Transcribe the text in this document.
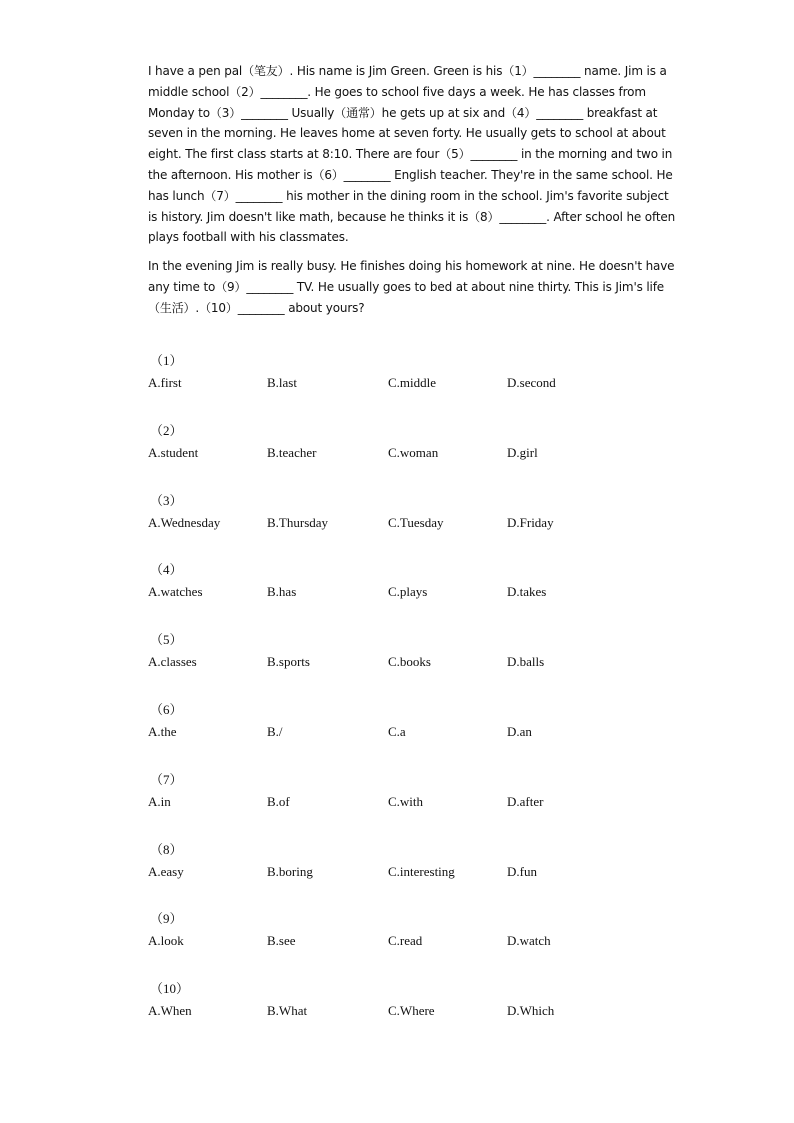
I have a pen pal（笔友）. His name is Jim Green. Green is his（1）________ name. Jim is a middle school（2）________. He goes to school five days a week. He has classes from Monday to（3）________ Usually（通常）he gets up at six and（4）________ breakfast at seven in the morning. He leaves home at seven forty. He usually gets to school at about eight. The first class starts at 8:10. There are four（5）________ in the morning and two in the afternoon. His mother is（6）________ English teacher. They're in the same school. He has lunch（7）________ his mother in the dining room in the school. Jim's favorite subject is history. Jim doesn't like math, because he thinks it is（8）________. After school he often plays football with his classmates.

In the evening Jim is really busy. He finishes doing his homework at nine. He doesn't have any time to（9）________ TV. He usually goes to bed at about nine thirty. This is Jim's life（生活）.（10）________ about yours?

（1）
A.first	B.last	C.middle	D.second
（2）
A.student	B.teacher	C.woman	D.girl
（3）
A.Wednesday	B.Thursday	C.Tuesday	D.Friday
（4）
A.watches	B.has	C.plays	D.takes
（5）
A.classes	B.sports	C.books	D.balls
（6）
A.the	B./	C.a	D.an
（7）
A.in	B.of	C.with	D.after
（8）
A.easy	B.boring	C.interesting	D.fun
（9）
A.look	B.see	C.read	D.watch
（10）
A.When	B.What	C.Where	D.Which
